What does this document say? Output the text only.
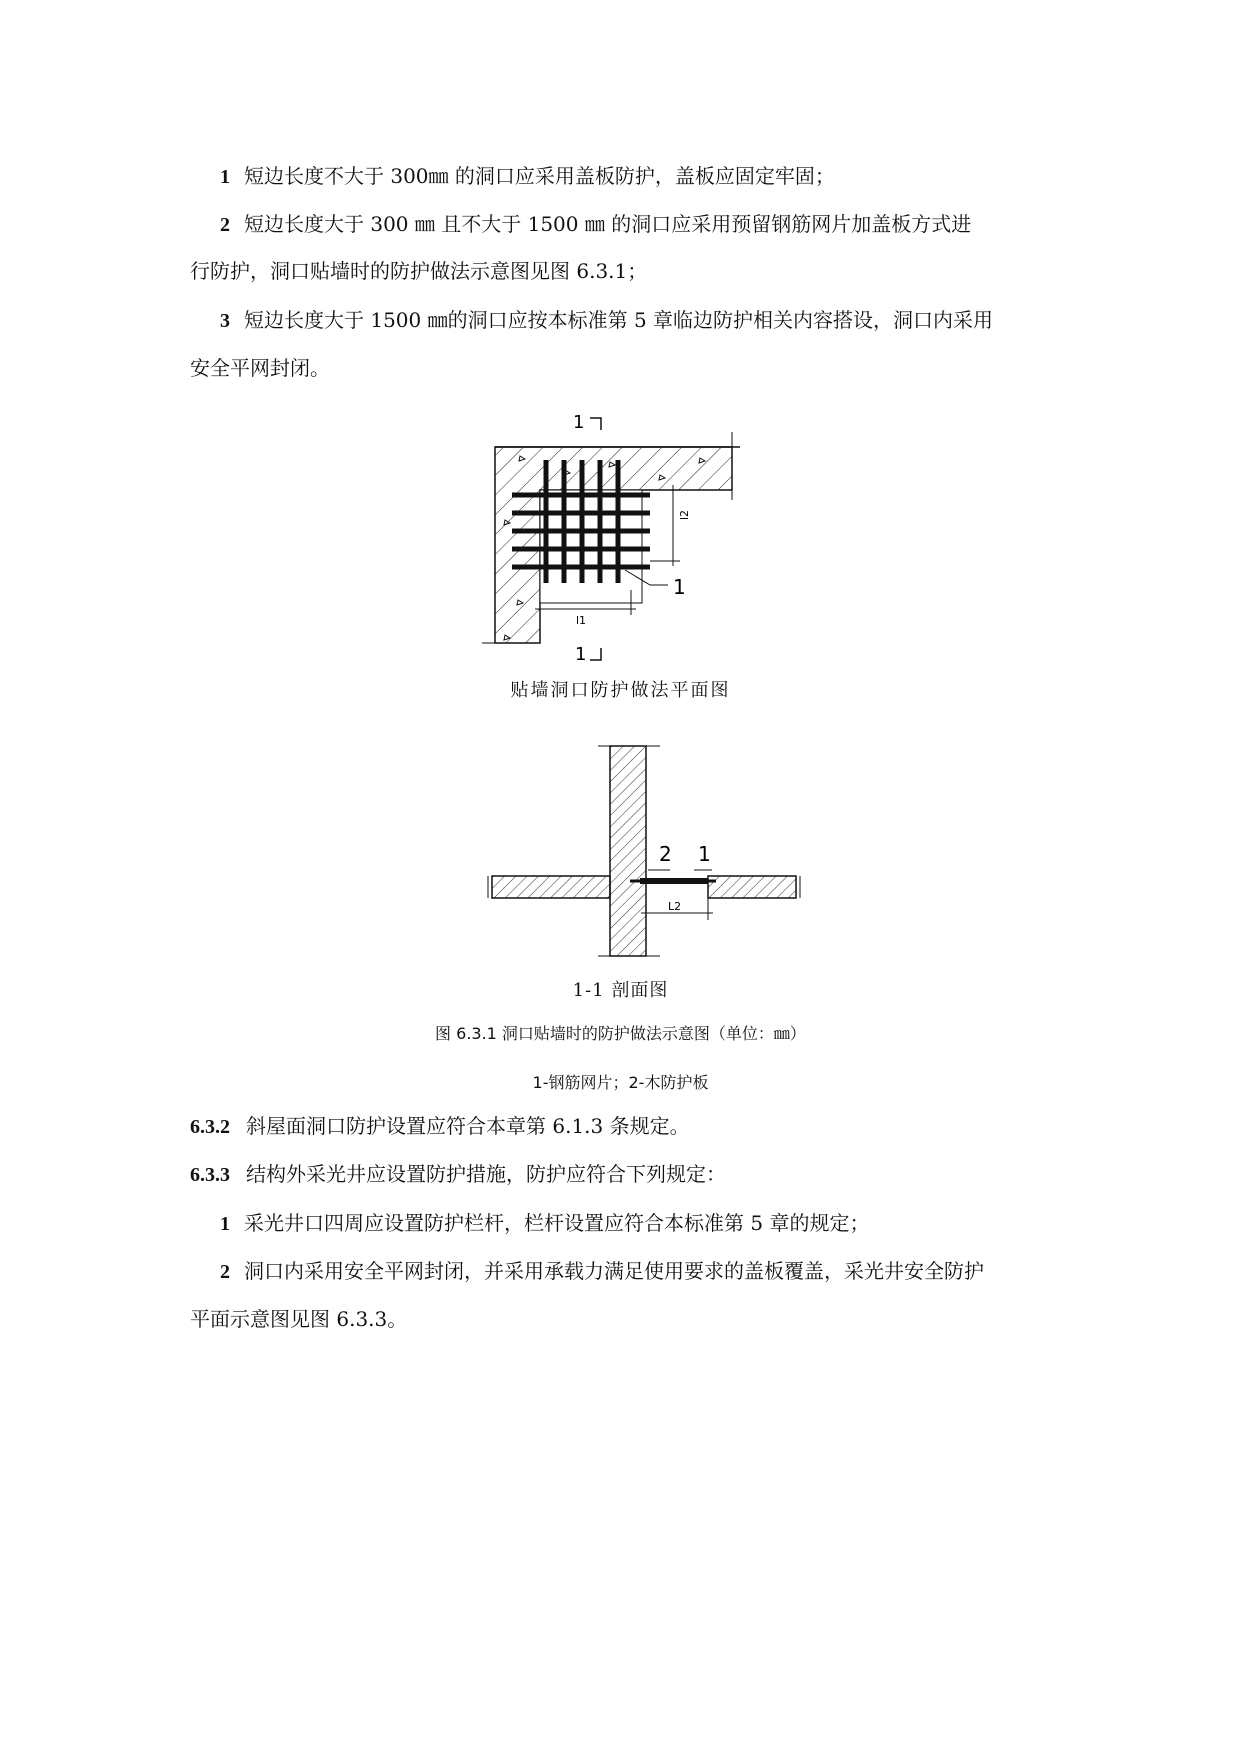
1 短边长度不大于 300㎜ 的洞口应采用盖板防护，盖板应固定牢固；
2 短边长度大于 300 ㎜ 且不大于 1500 ㎜ 的洞口应采用预留钢筋网片加盖板方式进
行防护，洞口贴墙时的防护做法示意图见图 6.3.1；
3 短边长度大于 1500 ㎜的洞口应按本标准第 5 章临边防护相关内容搭设，洞口内采用
安全平网封闭。
1
1
1
l2
l1
贴墙洞口防护做法平面图
2 1
L2
1-1 剖面图
图 6.3.1 洞口贴墙时的防护做法示意图（单位：㎜）
1-钢筋网片；2-木防护板
6.3.2 斜屋面洞口防护设置应符合本章第 6.1.3 条规定。
6.3.3 结构外采光井应设置防护措施，防护应符合下列规定：
1 采光井口四周应设置防护栏杆，栏杆设置应符合本标准第 5 章的规定；
2 洞口内采用安全平网封闭，并采用承载力满足使用要求的盖板覆盖，采光井安全防护
平面示意图见图 6.3.3。
